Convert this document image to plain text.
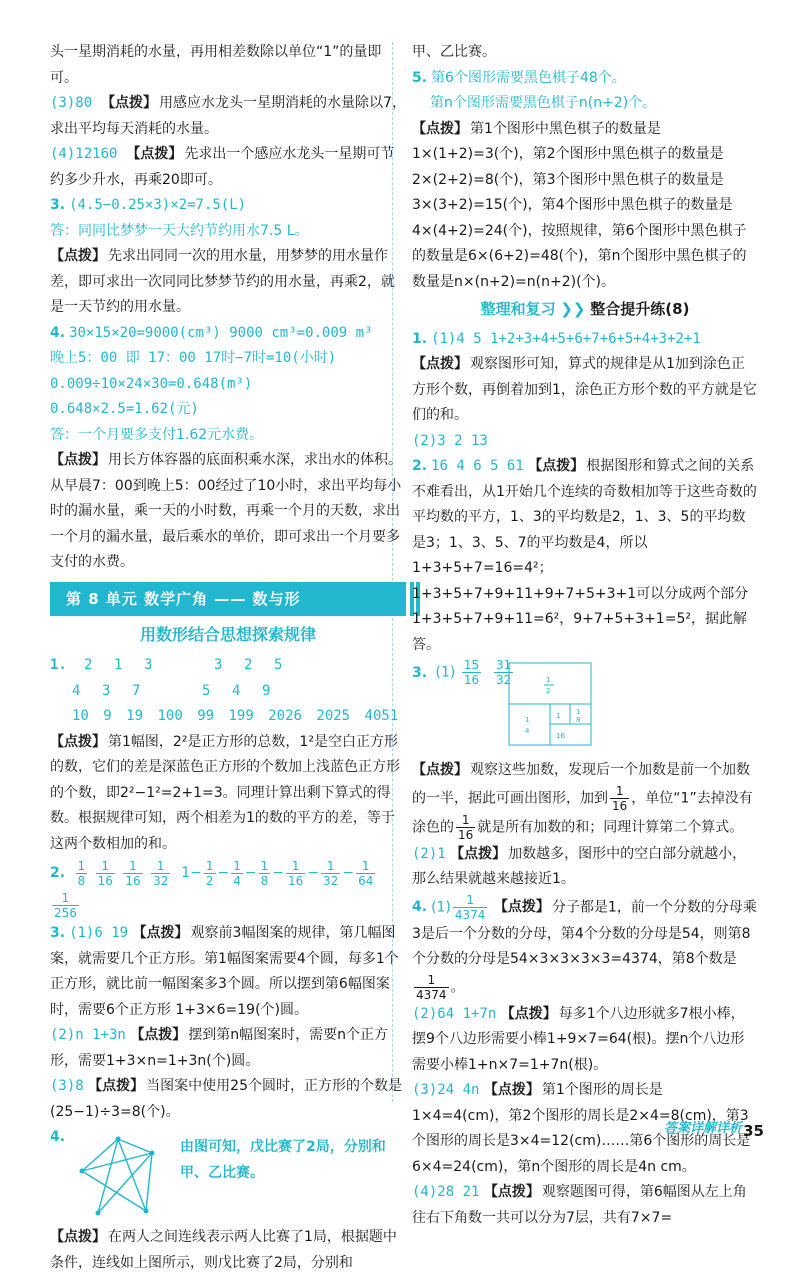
头一星期消耗的水量，再用相差数除以单位“1”的量即可。

(3)80 【点拨】 用感应水龙头一星期消耗的水量除以7，求出平均每天消耗的水量。

(4)12160 【点拨】 先求出一个感应水龙头一星期可节约多少升水，再乘20即可。

3. (4.5−0.25×3)×2=7.5(L)

答：同同比梦梦一天大约节约用水7.5 L。

【点拨】 先求出同同一次的用水量，用梦梦的用水量作差，即可求出一次同同比梦梦节约的用水量，再乘2，就是一天节约的用水量。

4. 30×15×20=9000(cm³) 9000 cm³=0.009 m³

晚上5：00 即 17：00 17时−7时=10(小时)

0.009÷10×24×30=0.648(m³)

0.648×2.5=1.62(元)

答：一个月要多支付1.62元水费。

【点拨】 用长方体容器的底面积乘水深，求出水的体积。从早晨7：00到晚上5：00经过了10小时，求出平均每小时的漏水量，乘一天的小时数，再乘一个月的天数，求出一个月的漏水量，最后乘水的单价，即可求出一个月要多支付的水费。

第 8 单元 数学广角 —— 数与形
用数形结合思想探索规律

1. 2 1 3	3 2 5

4 3 7	5 4 9

10 9 19 100 99 199 2026 2025 4051

【点拨】 第1幅图，2²是正方形的总数，1²是空白正方形的数，它们的差是深蓝色正方形的个数加上浅蓝色正方形的个数，即2²−1²=2+1=3。同理计算出剩下算式的得数。根据规律可知，两个相差为1的数的平方的差，等于这两个数相加的和。

2. $\frac{1}{8}$
$\frac{1}{16}$
$\frac{1}{16}$
$\frac{1}{32} 1- \frac{1}{2} - \frac{1}{4} - \frac{1}{8} - \frac{1}{16} - \frac{1}{32} - \frac{1}{64}$

$\frac{1}{256}$

3. (1)6 19 【点拨】 观察前3幅图案的规律，第几幅图案，就需要几个正方形。第1幅图案需要4个圆，每多1个正方形，就比前一幅图案多3个圆。所以摆到第6幅图案时，需要6个正方形 1+3×6=19(个)圆。

(2)n 1+3n 【点拨】 摆到第n幅图案时，需要n个正方形，需要1+3×n=1+3n(个)圆。

(3)8 【点拨】 当图案中使用25个圆时，正方形的个数是(25−1)÷3=8(个)。

4.

由图可知，戊比赛了2局，分别和甲、乙比赛。

【点拨】 在两人之间连线表示两人比赛了1局，根据题中条件，连线如上图所示，则戊比赛了2局，分别和

甲、乙比赛。

5. 第6个图形需要黑色棋子48个。

第n个图形需要黑色棋子n(n+2)个。

【点拨】 第1个图形中黑色棋子的数量是1×(1+2)=3(个)，第2个图形中黑色棋子的数量是2×(2+2)=8(个)，第3个图形中黑色棋子的数量是3×(3+2)=15(个)，第4个图形中黑色棋子的数量是4×(4+2)=24(个)，按照规律，第6个图形中黑色棋子的数量是6×(6+2)=48(个)，第n个图形中黑色棋子的数量是n×(n+2)=n(n+2)(个)。

整理和复习 ❯❯ 整合提升练(8)

1. (1)4 5 1+2+3+4+5+6+7+6+5+4+3+2+1

【点拨】 观察图形可知，算式的规律是从1加到涂色正方形个数，再倒着加到1，涂色正方形个数的平方就是它们的和。

(2)3 2 13

2. 16 4 6 5 61 【点拨】 根据图形和算式之间的关系不难看出，从1开始几个连续的奇数相加等于这些奇数的平均数的平方，1、3的平均数是2，1、3、5的平均数是3；1、3、5、7的平均数是4，所以1+3+5+7=16=4²；1+3+5+7+9+11+9+7+5+3+1可以分成两个部分1+3+5+7+9+11=6²，9+7+5+3+1=5²，据此解答。

3. $(1) \frac{15}{16}$
$\frac{31}{32}$	1
2
1
4
1
16
1
8

【点拨】 观察这些加数，发现后一个加数是前一个加数的一半，据此可画出图形，加到 $\frac{1}{16}$ ，单位“1”去掉没有涂色的 $\frac{1}{16}$ 就是所有加数的和；同理计算第二个算式。

(2)1 【点拨】 加数越多，图形中的空白部分就越小，那么结果就越来越接近1。

4. $(1) \frac{1}{4374}$ 【点拨】 分子都是1，前一个分数的分母乘3是后一个分数的分母，第4个分数的分母是54，则第8个分数的分母是54×3×3×3×3=4374，第8个数是
$\frac{1}{4374}$ 。

(2)64 1+7n 【点拨】 每多1个八边形就多7根小棒，摆9个八边形需要小棒1+9×7=64(根)。摆n个八边形需要小棒1+n×7=1+7n(根)。

(3)24 4n 【点拨】 第1个图形的周长是1×4=4(cm)，第2个图形的周长是2×4=8(cm)，第3个图形的周长是3×4=12(cm)……第6个图形的周长是6×4=24(cm)，第n个图形的周长是4n cm。

(4)28 21 【点拨】 观察题图可得，第6幅图从左上角往右下角数一共可以分为7层，共有7×7=

答案详解详析 35
